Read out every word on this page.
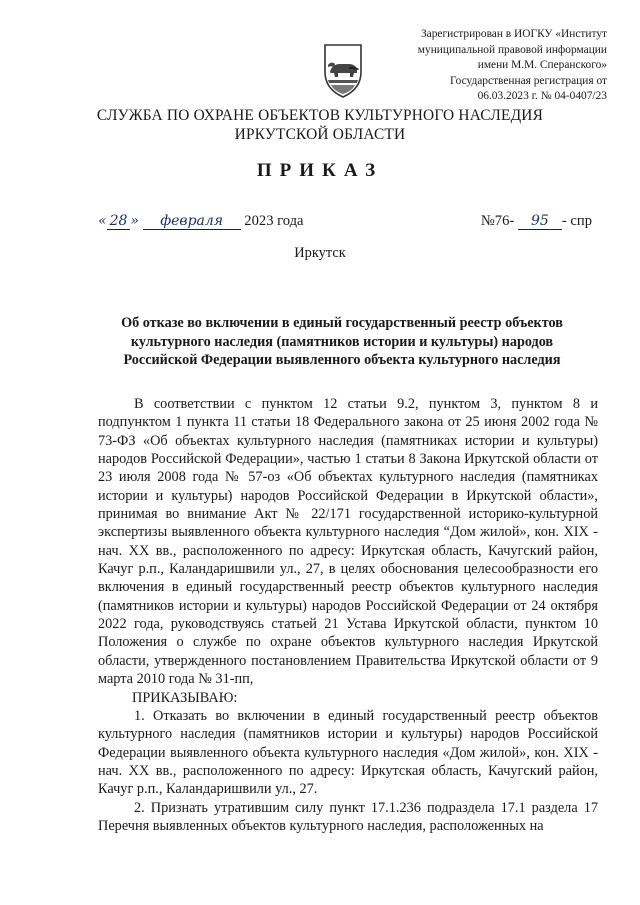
Зарегистрирован в ИОГКУ «Институт
муниципальной правовой информации
имени М.М. Сперанского»
Государственная регистрация от
06.03.2023 г. № 04-0407/23
СЛУЖБА ПО ОХРАНЕ ОБЪЕКТОВ КУЛЬТУРНОГО НАСЛЕДИЯ
ИРКУТСКОЙ ОБЛАСТИ
ПРИКАЗ
« 28 » февраля 2023 года	№76- 95 - спр
Иркутск
Об отказе во включении в единый государственный реестр объектов
культурного наследия (памятников истории и культуры) народов
Российской Федерации выявленного объекта культурного наследия

В соответствии с пунктом 12 статьи 9.2, пунктом 3, пунктом 8 и подпунктом 1 пункта 11 статьи 18 Федерального закона от 25 июня 2002 года № 73-ФЗ «Об объектах культурного наследия (памятниках истории и культуры) народов Российской Федерации», частью 1 статьи 8 Закона Иркутской области от 23 июля 2008 года № 57-оз «Об объектах культурного наследия (памятниках истории и культуры) народов Российской Федерации в Иркутской области», принимая во внимание Акт № 22/171 государственной историко-культурной экспертизы выявленного объекта культурного наследия “Дом жилой», кон. XIX - нач. XX вв., расположенного по адресу: Иркутская область, Качугский район, Качуг р.п., Каландаришвили ул., 27, в целях обоснования целесообразности его включения в единый государственный реестр объектов культурного наследия (памятников истории и культуры) народов Российской Федерации от 24 октября 2022 года, руководствуясь статьей 21 Устава Иркутской области, пунктом 10 Положения о службе по охране объектов культурного наследия Иркутской области, утвержденного постановлением Правительства Иркутской области от 9 марта 2010 года № 31-пп,

ПРИКАЗЫВАЮ:

1. Отказать во включении в единый государственный реестр объектов культурного наследия (памятников истории и культуры) народов Российской Федерации выявленного объекта культурного наследия «Дом жилой», кон. XIX - нач. XX вв., расположенного по адресу: Иркутская область, Качугский район, Качуг р.п., Каландаришвили ул., 27.

2. Признать утратившим силу пункт 17.1.236 подраздела 17.1 раздела 17 Перечня выявленных объектов культурного наследия, расположенных на
